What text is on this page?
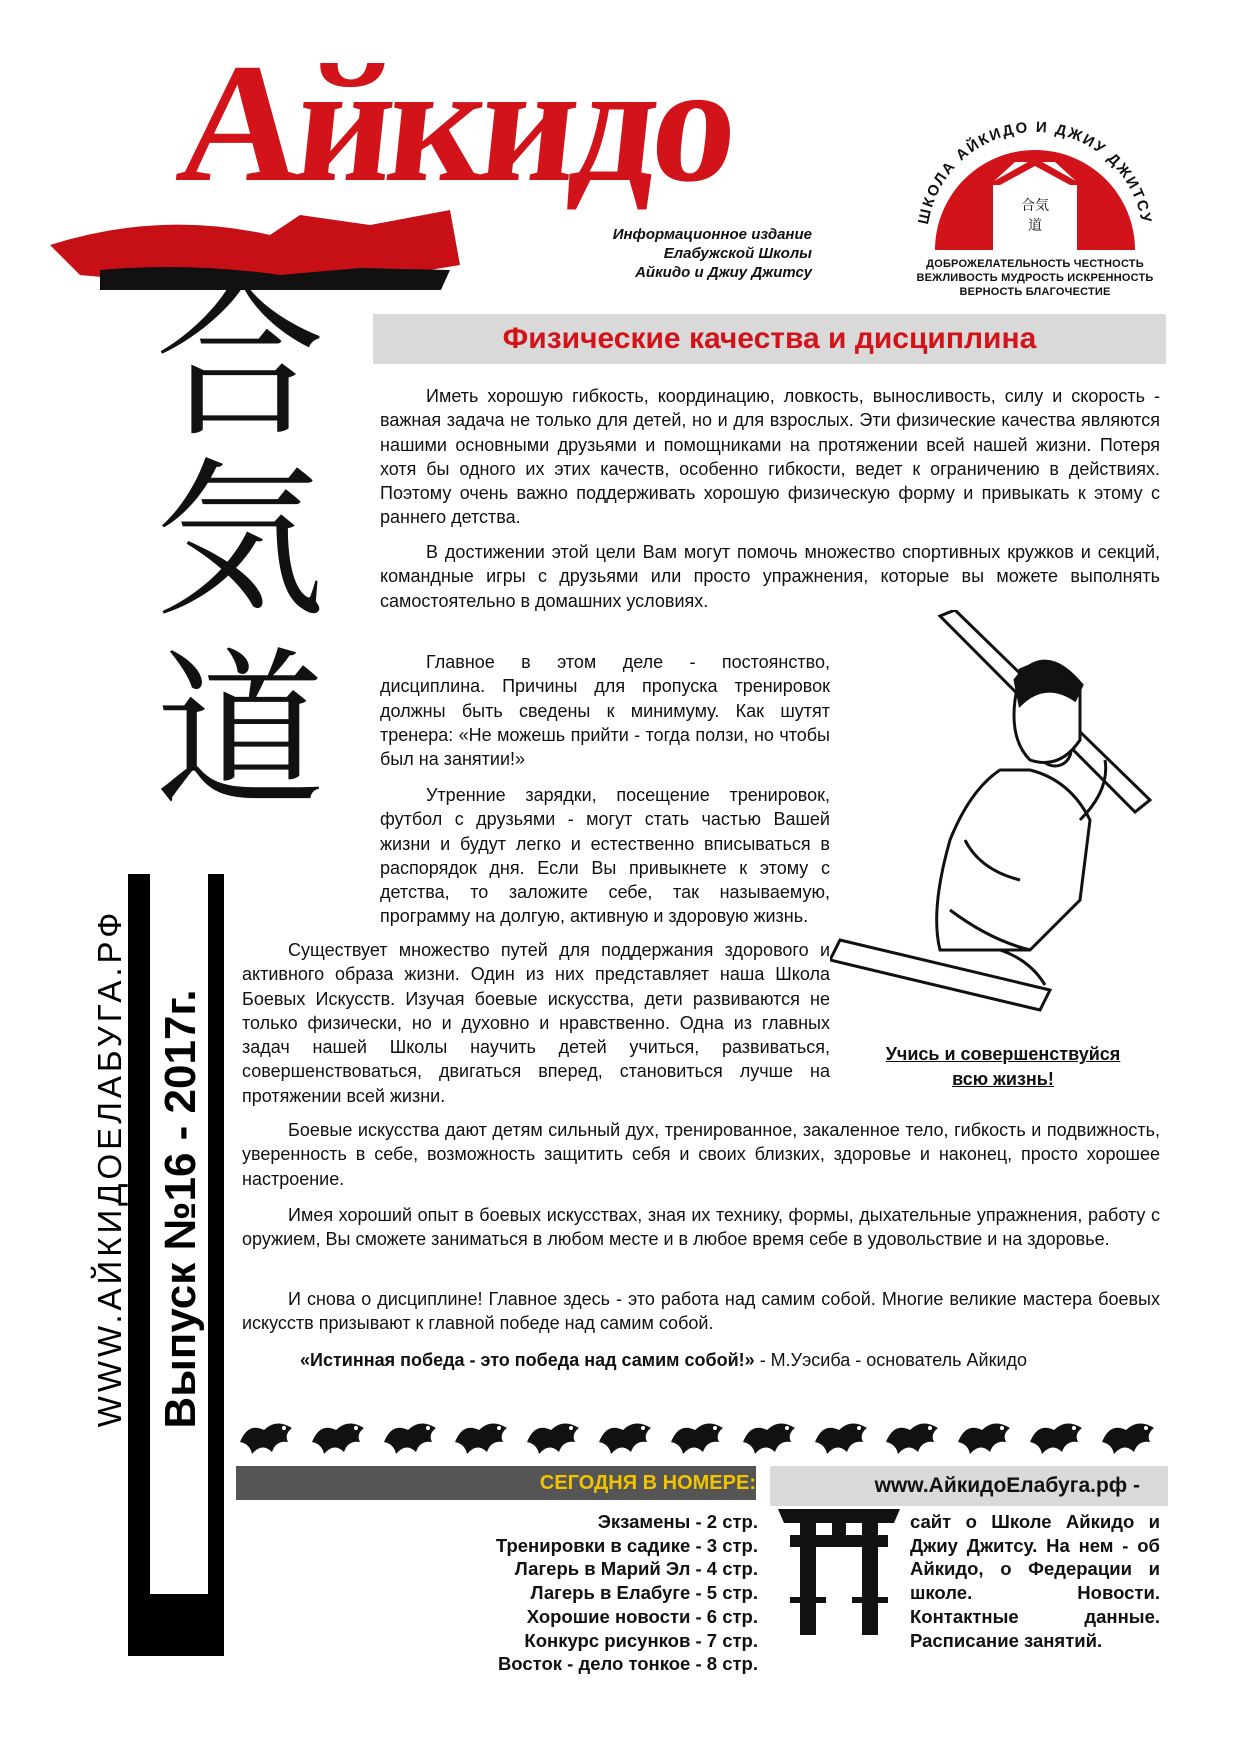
Айкидо
Информационное издание
Елабужской Школы
Айкидо и Джиу Джитсу
ШКОЛА АЙКИДО И ДЖИУ ДЖИТСУ
合気
道
ДОБРОЖЕЛАТЕЛЬНОСТЬ ЧЕСТНОСТЬ
ВЕЖЛИВОСТЬ МУДРОСТЬ ИСКРЕННОСТЬ
ВЕРНОСТЬ БЛАГОЧЕСТИЕ
合
気
道
Выпуск №16 - 2017г.
WWW.АЙКИДОЕЛАБУГА.РФ
Физические качества и дисциплина

Иметь хорошую гибкость, координацию, ловкость, выносливость, силу и скорость - важная задача не только для детей, но и для взрослых. Эти физические качества являются нашими основными друзьями и помощниками на протяжении всей нашей жизни. Потеря хотя бы одного их этих качеств, особенно гибкости, ведет к ограничению в действиях. Поэтому очень важно поддерживать хорошую физическую форму и привыкать к этому с раннего детства.

В достижении этой цели Вам могут помочь множество спортивных кружков и секций, командные игры с друзьями или просто упражнения, которые вы можете выполнять самостоятельно в домашних условиях.

Главное в этом деле - постоянство, дисциплина. Причины для пропуска тренировок должны быть сведены к минимуму. Как шутят тренера: «Не можешь прийти - тогда ползи, но чтобы был на занятии!»

Утренние зарядки, посещение тренировок, футбол с друзьями - могут стать частью Вашей жизни и будут легко и естественно вписываться в распорядок дня. Если Вы привыкнете к этому с детства, то заложите себе, так называемую, программу на долгую, активную и здоровую жизнь.

Существует множество путей для поддержания здорового и активного образа жизни. Один из них представляет наша Школа Боевых Искусств. Изучая боевые искусства, дети развиваются не только физически, но и духовно и нравственно. Одна из главных задач нашей Школы научить детей учиться, развиваться, совершенствоваться, двигаться вперед, становиться лучше на протяжении всей жизни.

Боевые искусства дают детям сильный дух, тренированное, закаленное тело, гибкость и подвижность, уверенность в себе, возможность защитить себя и своих близких, здоровье и наконец, просто хорошее настроение.

Имея хороший опыт в боевых искусствах, зная их технику, формы, дыхательные упражнения, работу с оружием, Вы сможете заниматься в любом месте и в любое время себе в удовольствие и на здоровье.

И снова о дисциплине! Главное здесь - это работа над самим собой. Многие великие мастера боевых искусств призывают к главной победе над самим собой.

«Истинная победа - это победа над самим собой!» - М.Уэсиба - основатель Айкидо
Учись и совершенствуйся
всю жизнь!
СЕГОДНЯ В НОМЕРЕ:	www.АйкидоЕлабуга.рф -
Экзамены - 2 стр.
Тренировки в садике - 3 стр.
Лагерь в Марий Эл - 4 стр.
Лагерь в Елабуге - 5 стр.
Хорошие новости - 6 стр.
Конкурс рисунков - 7 стр.
Восток - дело тонкое - 8 стр.
сайт о Школе Айкидо и Джиу Джитсу. На нем - об Айкидо, о Федерации и школе. Новости. Контактные данные. Расписание занятий.
